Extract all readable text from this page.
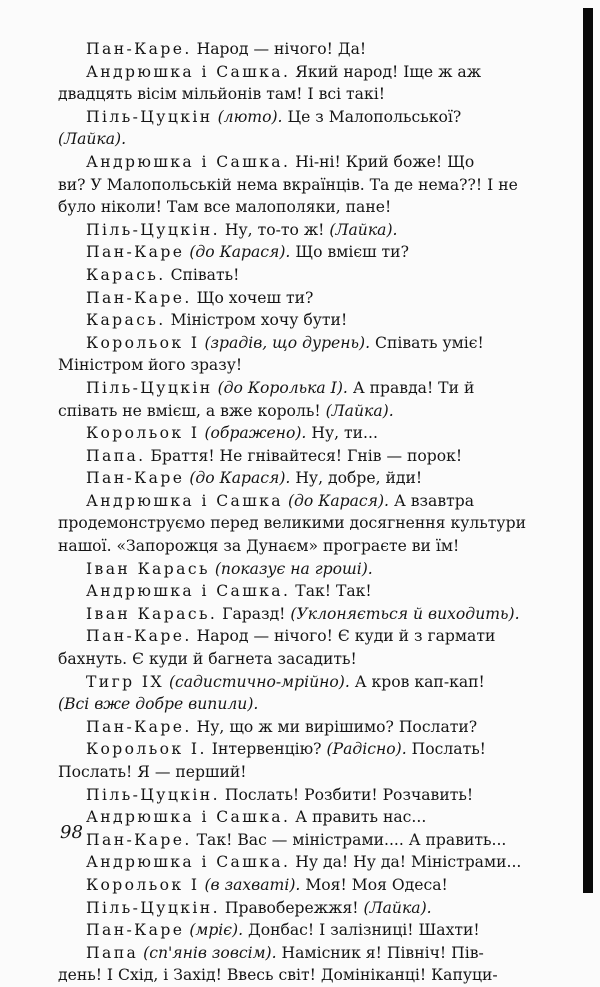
Пан-Каре. Народ — нічого! Да!
Андрюшка і Сашка. Який народ! Іще ж аж
двадцять вісім мільйонів там! І всі такі!
Піль-Цуцкін (люто). Це з Малопольської?
(Лайка).
Андрюшка і Сашка. Ні-ні! Крий боже! Що
ви? У Малопольській нема вкраїнців. Та де нема??! І не
було ніколи! Там все малополяки, пане!
Піль-Цуцкін. Ну, то-то ж! (Лайка).
Пан-Каре (до Карася). Що вмієш ти?
Карась. Співать!
Пан-Каре. Що хочеш ти?
Карась. Міністром хочу бути!
Корольок І (зрадів, що дурень). Співать уміє!
Міністром його зразу!
Піль-Цуцкін (до Королька І). А правда! Ти й
співать не вмієш, а вже король! (Лайка).
Корольок І (ображено). Ну, ти...
Папа. Браття! Не гнівайтеся! Гнів — порок!
Пан-Каре (до Карася). Ну, добре, йди!
Андрюшка і Сашка (до Карася). А взавтра
продемонструємо перед великими досягнення культури
нашої. «Запорожця за Дунаєм» програєте ви їм!
Іван Карась (показує на гроші).
Андрюшка і Сашка. Так! Так!
Іван Карась. Гаразд! (Уклоняється й виходить).
Пан-Каре. Народ — нічого! Є куди й з гармати
бахнуть. Є куди й багнета засадить!
Тигр IX (садистично-мрійно). А кров кап-кап!
(Всі вже добре випили).
Пан-Каре. Ну, що ж ми вирішимо? Послати?
Корольок І. Інтервенцію? (Радісно). Послать!
Послать! Я — перший!
Піль-Цуцкін. Послать! Розбити! Розчавить!
Андрюшка і Сашка. А править нас...
Пан-Каре. Так! Вас — міністрами.... А править...
Андрюшка і Сашка. Ну да! Ну да! Міністрами...
Корольок І (в захваті). Моя! Моя Одеса!
Піль-Цуцкін. Правобережжя! (Лайка).
Пан-Каре (мріє). Донбас! І залізниці! Шахти!
Папа (сп'янів зовсім). Намісник я! Північ! Пів-
день! І Схід, і Захід! Ввесь світ! Домініканці! Капуци-
98
